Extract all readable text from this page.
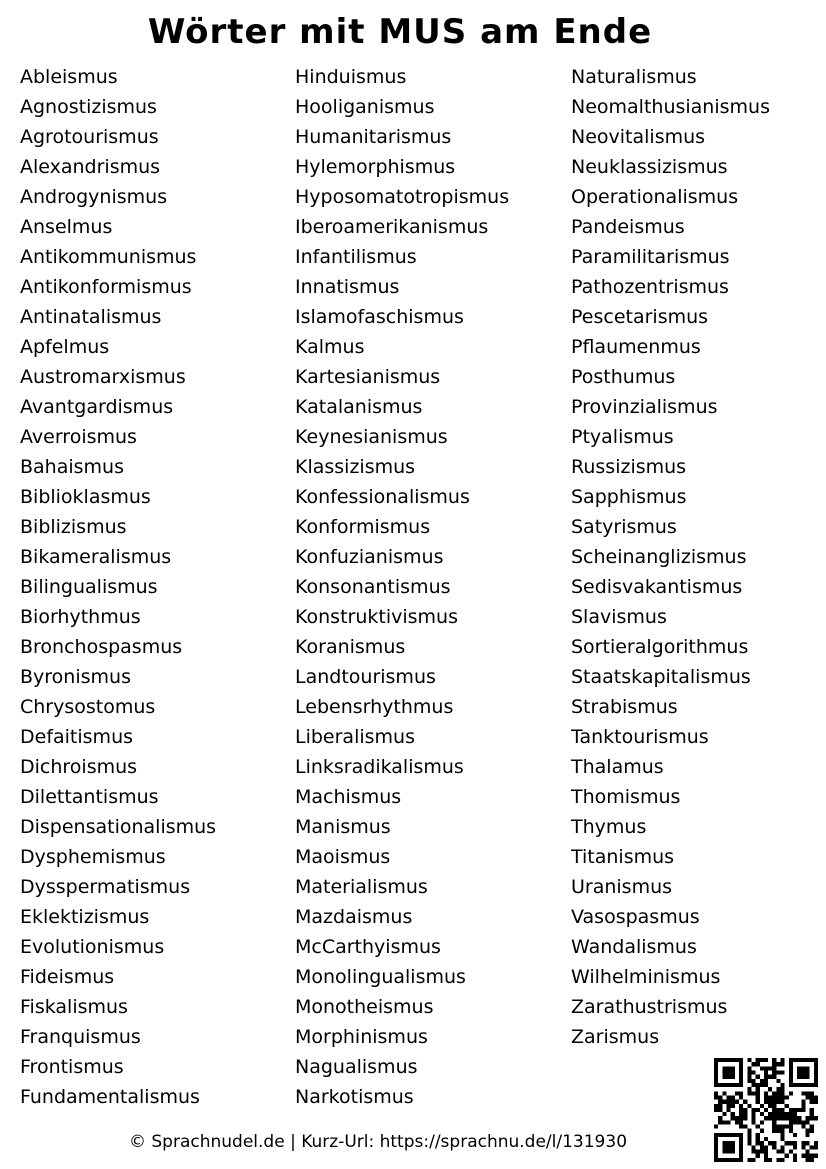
Wörter mit MUS am Ende
Ableismus
Agnostizismus
Agrotourismus
Alexandrismus
Androgynismus
Anselmus
Antikommunismus
Antikonformismus
Antinatalismus
Apfelmus
Austromarxismus
Avantgardismus
Averroismus
Bahaismus
Biblioklasmus
Biblizismus
Bikameralismus
Bilingualismus
Biorhythmus
Bronchospasmus
Byronismus
Chrysostomus
Defaitismus
Dichroismus
Dilettantismus
Dispensationalismus
Dysphemismus
Dysspermatismus
Eklektizismus
Evolutionismus
Fideismus
Fiskalismus
Franquismus
Frontismus
Fundamentalismus
Hinduismus
Hooliganismus
Humanitarismus
Hylemorphismus
Hyposomatotropismus
Iberoamerikanismus
Infantilismus
Innatismus
Islamofaschismus
Kalmus
Kartesianismus
Katalanismus
Keynesianismus
Klassizismus
Konfessionalismus
Konformismus
Konfuzianismus
Konsonantismus
Konstruktivismus
Koranismus
Landtourismus
Lebensrhythmus
Liberalismus
Linksradikalismus
Machismus
Manismus
Maoismus
Materialismus
Mazdaismus
McCarthyismus
Monolingualismus
Monotheismus
Morphinismus
Nagualismus
Narkotismus
Naturalismus
Neomalthusianismus
Neovitalismus
Neuklassizismus
Operationalismus
Pandeismus
Paramilitarismus
Pathozentrismus
Pescetarismus
Pflaumenmus
Posthumus
Provinzialismus
Ptyalismus
Russizismus
Sapphismus
Satyrismus
Scheinanglizismus
Sedisvakantismus
Slavismus
Sortieralgorithmus
Staatskapitalismus
Strabismus
Tanktourismus
Thalamus
Thomismus
Thymus
Titanismus
Uranismus
Vasospasmus
Wandalismus
Wilhelminismus
Zarathustrismus
Zarismus
© Sprachnudel.de | Kurz-Url: https://sprachnu.de/l/131930
